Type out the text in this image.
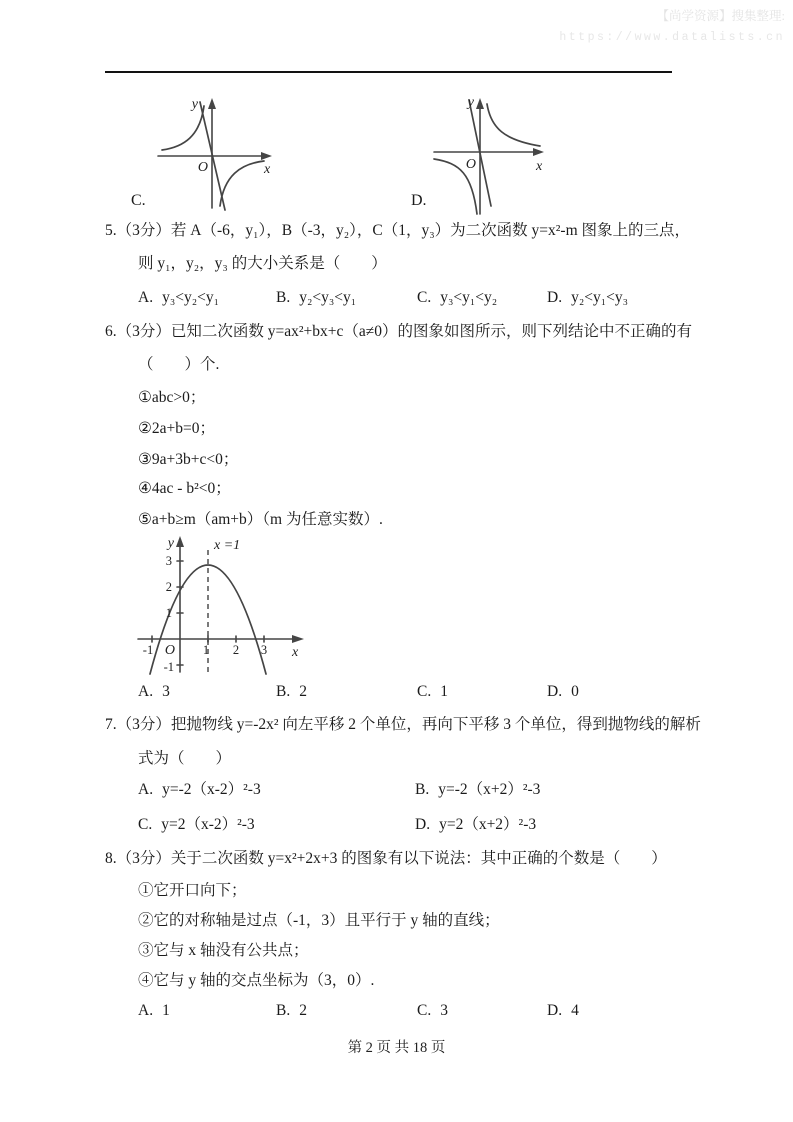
【尚学资源】搜集整理:
https://www.datalists.cn
C.
y
O	x
D.
y
O	x
5.（3分）若 A（-6，y₁），B（-3，y₂），C（1，y₃）为二次函数 y=x²-m 图象上的三点，
则 y₁，y₂，y₃ 的大小关系是（　　）
A. y₃<y₂<y₁	B. y₂<y₃<y₁	C. y₃<y₁<y₂	D. y₂<y₁<y₃
6.（3分）已知二次函数 y=ax²+bx+c（a≠0）的图象如图所示，则下列结论中不正确的有
（　　）个.
①abc>0；
②2a+b=0；
③9a+3b+c<0；
④4ac - b²<0；
⑤a+b≥m（am+b）（m 为任意实数）.
y	x =1
3
2
1
-1
-1 O 1 2 3 x
A. 3	B. 2	C. 1	D. 0
7.（3分）把抛物线 y=-2x² 向左平移 2 个单位，再向下平移 3 个单位，得到抛物线的解析
式为（　　）
A. y=-2（x-2）²-3	B. y=-2（x+2）²-3
C. y=2（x-2）²-3	D. y=2（x+2）²-3
8.（3分）关于二次函数 y=x²+2x+3 的图象有以下说法：其中正确的个数是（　　）
①它开口向下；
②它的对称轴是过点（-1，3）且平行于 y 轴的直线；
③它与 x 轴没有公共点；
④它与 y 轴的交点坐标为（3，0）.
A. 1	B. 2	C. 3	D. 4
第 2 页 共 18 页
